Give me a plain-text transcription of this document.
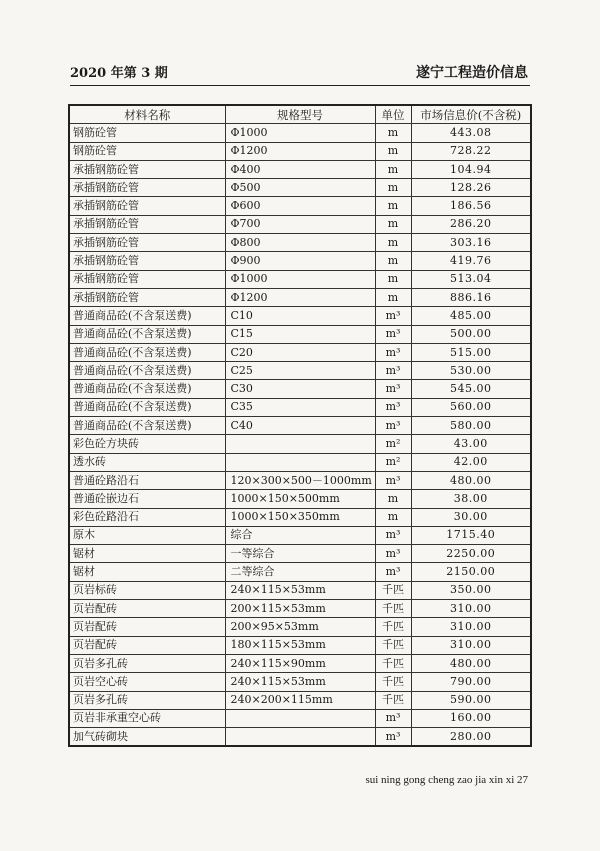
2020 年第 3 期	遂宁工程造价信息
材料名称	规格型号	单位	市场信息价(不含税)
钢筋砼管	Φ1000	m	443.08
钢筋砼管	Φ1200	m	728.22
承插钢筋砼管	Φ400	m	104.94
承插钢筋砼管	Φ500	m	128.26
承插钢筋砼管	Φ600	m	186.56
承插钢筋砼管	Φ700	m	286.20
承插钢筋砼管	Φ800	m	303.16
承插钢筋砼管	Φ900	m	419.76
承插钢筋砼管	Φ1000	m	513.04
承插钢筋砼管	Φ1200	m	886.16
普通商品砼(不含泵送费)	C10	m³	485.00
普通商品砼(不含泵送费)	C15	m³	500.00
普通商品砼(不含泵送费)	C20	m³	515.00
普通商品砼(不含泵送费)	C25	m³	530.00
普通商品砼(不含泵送费)	C30	m³	545.00
普通商品砼(不含泵送费)	C35	m³	560.00
普通商品砼(不含泵送费)	C40	m³	580.00
彩色砼方块砖		m²	43.00
透水砖		m²	42.00
普通砼路沿石	120×300×500－1000mm	m³	480.00
普通砼嵌边石	1000×150×500mm	m	38.00
彩色砼路沿石	1000×150×350mm	m	30.00
原木	综合	m³	1715.40
锯材	一等综合	m³	2250.00
锯材	二等综合	m³	2150.00
页岩标砖	240×115×53mm	千匹	350.00
页岩配砖	200×115×53mm	千匹	310.00
页岩配砖	200×95×53mm	千匹	310.00
页岩配砖	180×115×53mm	千匹	310.00
页岩多孔砖	240×115×90mm	千匹	480.00
页岩空心砖	240×115×53mm	千匹	790.00
页岩多孔砖	240×200×115mm	千匹	590.00
页岩非承重空心砖		m³	160.00
加气砖砌块		m³	280.00
sui ning gong cheng zao jia xin xi 27
